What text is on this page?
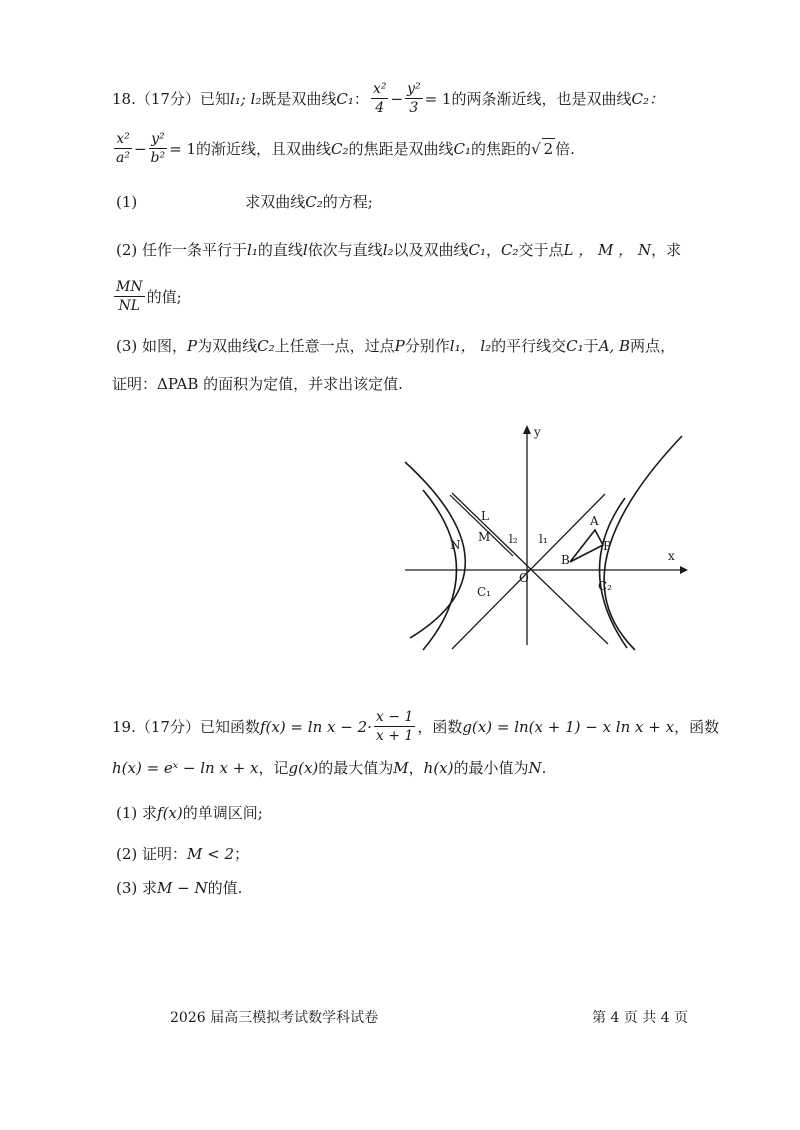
18.（17分）已知 l₁; l₂ 既是双曲线 C₁ ： $\frac{\text{x²}}{4} - \frac{\text{y²}}{3} = 1$ 的两条渐近线，也是双曲线 C₂：
$\frac{\text{x²}}{\text{a²}} - \frac{\text{y²}}{\text{b²}} = 1$ 的渐近线，且双曲线 C₂ 的焦距是双曲线 C₁ 的焦距的 √ 2 倍.
(1)	求双曲线 C₂ 的方程;
(2) 任作一条平行于 l₁ 的直线 l 依次与直线 l₂ 以及双曲线 C₁ ， C₂ 交于点 L ， M ， N ，求
$\frac{MN}{NL}$ 的值;
(3) 如图， P 为双曲线 C₂ 上任意一点，过点 P 分别作 l₁， l₂ 的平行线交 C₁ 于 A, B 两点，
证明：ΔPAB 的面积为定值，并求出该定值.
y
x
O
L
M
N	l₂ l₁
B
A
P
C₁	C₂
19.（17分）已知函数 $f(x) = \ln x - 2\cdot \frac{x - 1}{x + 1}$ ，函数 g(x) = ln(x + 1) − x ln x + x ，函数
h(x) = eˣ − ln x + x ，记 g(x) 的最大值为 M ， h(x) 的最小值为 N .
(1) 求 f(x) 的单调区间;
(2) 证明： M < 2 ；
(3) 求 M − N 的值.
2026 届高三模拟考试数学科试卷	第 4 页 共 4 页
